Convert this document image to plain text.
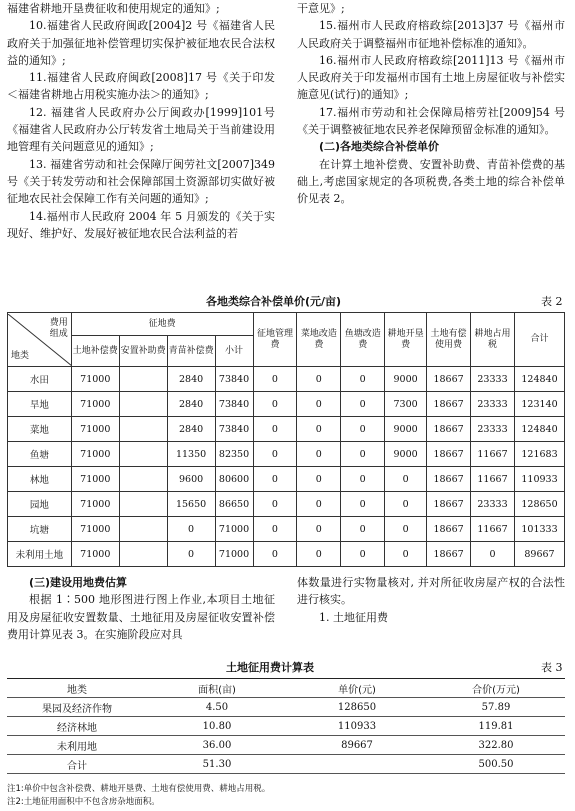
福建省耕地开垦费征收和使用规定的通知》;

10.福建省人民政府闽政[2004]2 号《福建省人民政府关于加强征地补偿管理切实保护被征地农民合法权益的通知》;

11.福建省人民政府闽政[2008]17 号《关于印发＜福建省耕地占用税实施办法＞的通知》;

12. 福建省人民政府办公厅闽政办[1999]101号《福建省人民政府办公厅转发省土地局关于当前建设用地管理有关问题意见的通知》;

13. 福建省劳动和社会保障厅闽劳社文[2007]349 号《关于转发劳动和社会保障部国土资源部切实做好被征地农民社会保障工作有关问题的通知》;

14.福州市人民政府 2004 年 5 月颁发的《关于实现好、维护好、发展好被征地农民合法利益的若

干意见》;

15.福州市人民政府榕政综[2013]37 号《福州市人民政府关于调整福州市征地补偿标准的通知》。

16.福州市人民政府榕政综[2011]13 号《福州市人民政府关于印发福州市国有土地上房屋征收与补偿实施意见(试行)的通知》;

17.福州市劳动和社会保障局榕劳社[2009]54 号《关于调整被征地农民养老保障预留金标准的通知》。

(二)各地类综合补偿单价

在计算土地补偿费、安置补助费、青苗补偿费的基础上,考虑国家规定的各项税费,各类土地的综合补偿单价见表 2。

各地类综合补偿单价(元/亩)	表 2
费用组成
地类	征地费				征地管理费	菜地改造费	鱼塘改造费	耕地开垦费	土地有偿使用费	耕地占用税	合计
	土地补偿费	安置补助费	青苗补偿费	小计							
水田	71000		2840	73840	0	0	0	9000	18667	23333	124840
旱地	71000		2840	73840	0	0	0	7300	18667	23333	123140
菜地	71000		2840	73840	0	0	0	9000	18667	23333	124840
鱼塘	71000		11350	82350	0	0	0	9000	18667	11667	121683
林地	71000		9600	80600	0	0	0	0	18667	11667	110933
园地	71000		15650	86650	0	0	0	0	18667	23333	128650
坑塘	71000		0	71000	0	0	0	0	18667	11667	101333
未利用土地	71000		0	71000	0	0	0	0	18667	0	89667

(三)建设用地费估算

根据 1∶500 地形图进行图上作业,本项目土地征用及房屋征收安置数量、土地征用及房屋征收安置补偿费用计算见表 3。在实施阶段应对具

体数量进行实物量核对, 并对所征收房屋产权的合法性进行核实。

1. 土地征用费

土地征用费计算表	表 3
地类	面积(亩)	单价(元)	合价(万元)
果园及经济作物	4.50	128650	57.89
经济林地	10.80	110933	119.81
未利用地	36.00	89667	322.80
合计	51.30		500.50
注1:单价中包含补偿费、耕地开垦费、土地有偿使用费、耕地占用税。
注2:土地征用面积中不包含房杂地面积。
